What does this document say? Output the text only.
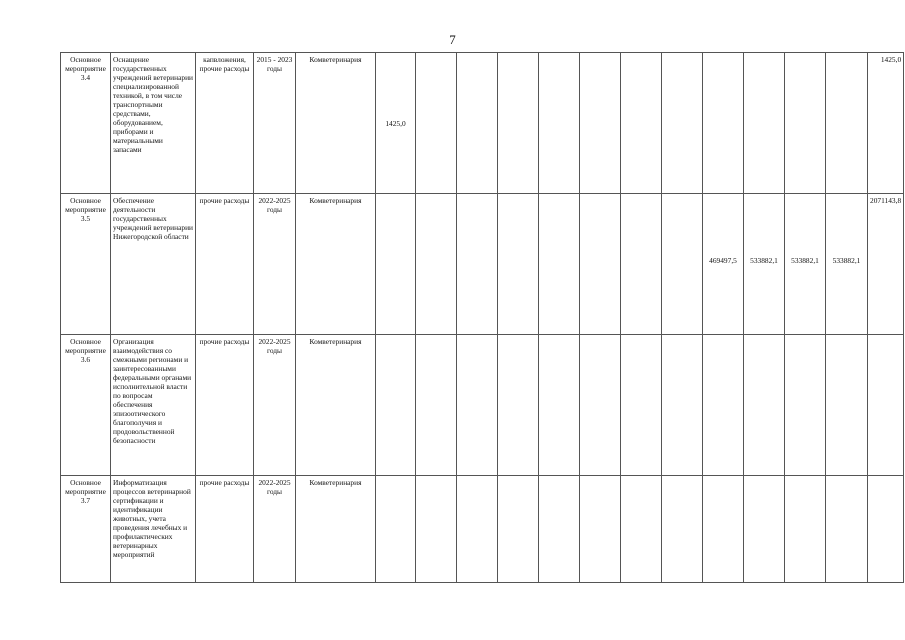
7
Основное мероприятие 3.4	Оснащение государственных учреждений ветеринарии специализированной техникой, в том числе транспортными средствами, оборудованием, приборами и материальными запасами	капвложения, прочие расходы	2015 - 2023 годы	Комветеринария	1425,0												1425,0
Основное мероприятие 3.5	Обеспечение деятельности государственных учреждений ветеринарии Нижегородской области	прочие расходы	2022-2025 годы	Комветеринария									469497,5	533882,1	533882,1	533882,1	2071143,8
Основное мероприятие 3.6	Организация взаимодействия со смежными регионами и заинтересованными федеральными органами исполнительной власти по вопросам обеспечения эпизоотического благополучия и продовольственной безопасности	прочие расходы	2022-2025 годы	Комветеринария													
Основное мероприятие 3.7	Информатизация процессов ветеринарной сертификации и идентификации животных, учета проведения лечебных и профилактических ветеринарных мероприятий	прочие расходы	2022-2025 годы	Комветеринария													
